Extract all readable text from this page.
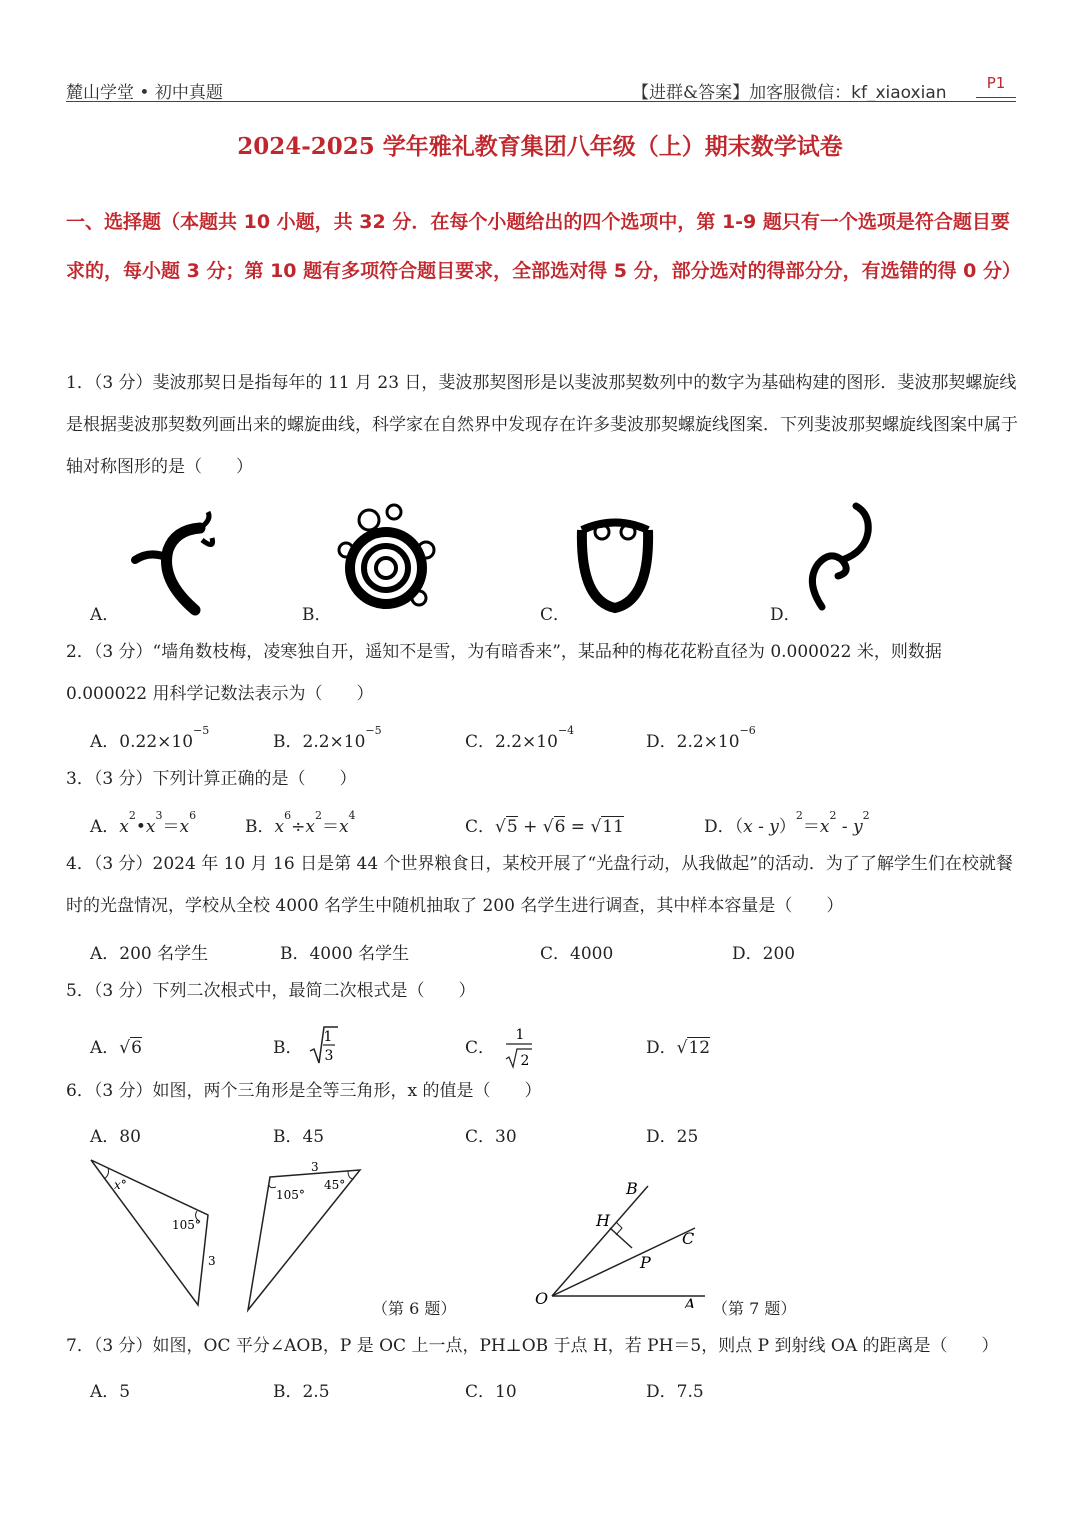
麓山学堂 • 初中真题	【进群&答案】加客服微信：kf_xiaoxian	P1
2024-2025 学年雅礼教育集团八年级（上）期末数学试卷
一、选择题（本题共 10 小题，共 32 分．在每个小题给出的四个选项中，第 1-9 题只有一个选项是符合题目要求的，每小题 3 分；第 10 题有多项符合题目要求，全部选对得 5 分，部分选对的得部分分，有选错的得 0 分）
1．（3 分）斐波那契日是指每年的 11 月 23 日，斐波那契图形是以斐波那契数列中的数字为基础构建的图形．斐波那契螺旋线是根据斐波那契数列画出来的螺旋曲线，科学家在自然界中发现存在许多斐波那契螺旋线图案．下列斐波那契螺旋线图案中属于轴对称图形的是（　　）
A．	B．	C．	D．
2．（3 分）“墙角数枝梅，凌寒独自开，遥知不是雪，为有暗香来”，某品种的梅花花粉直径为 0.000022 米，则数据 0.000022 用科学记数法表示为（　　）
A．$0.22\times 10^{-5}$
B．$2.2\times 10^{-5}$
C．$2.2\times 10^{-4}$
D．$2.2\times 10^{-6}$
3．（3 分）下列计算正确的是（　　）
A．$x^2•x^3=x^6$
B．$x^6\div x^2=x^4$
C．√5 + √6 = √11	D．$(x - y)^2=x^2 - y^2$
4．（3 分）2024 年 10 月 16 日是第 44 个世界粮食日，某校开展了“光盘行动，从我做起”的活动．为了了解学生们在校就餐时的光盘情况，学校从全校 4000 名学生中随机抽取了 200 名学生进行调查，其中样本容量是（　　）
A．200 名学生	B．4000 名学生	C．4000	D．200
5．（3 分）下列二次根式中，最简二次根式是（　　）
A．√6	B．
1
3	C．
1
2
D．√12
6．（3 分）如图，两个三角形是全等三角形，x 的值是（　　）
A．80	B．45	C．30	D．25
x°
105°
3
3
105°
45°
（第 6 题）
B
H
C
P
O	A （第 7 题）
7．（3 分）如图，OC 平分∠AOB，P 是 OC 上一点，PH⊥OB 于点 H，若 PH＝5，则点 P 到射线 OA 的距离是（　　）
A．5	B．2.5	C．10	D．7.5
